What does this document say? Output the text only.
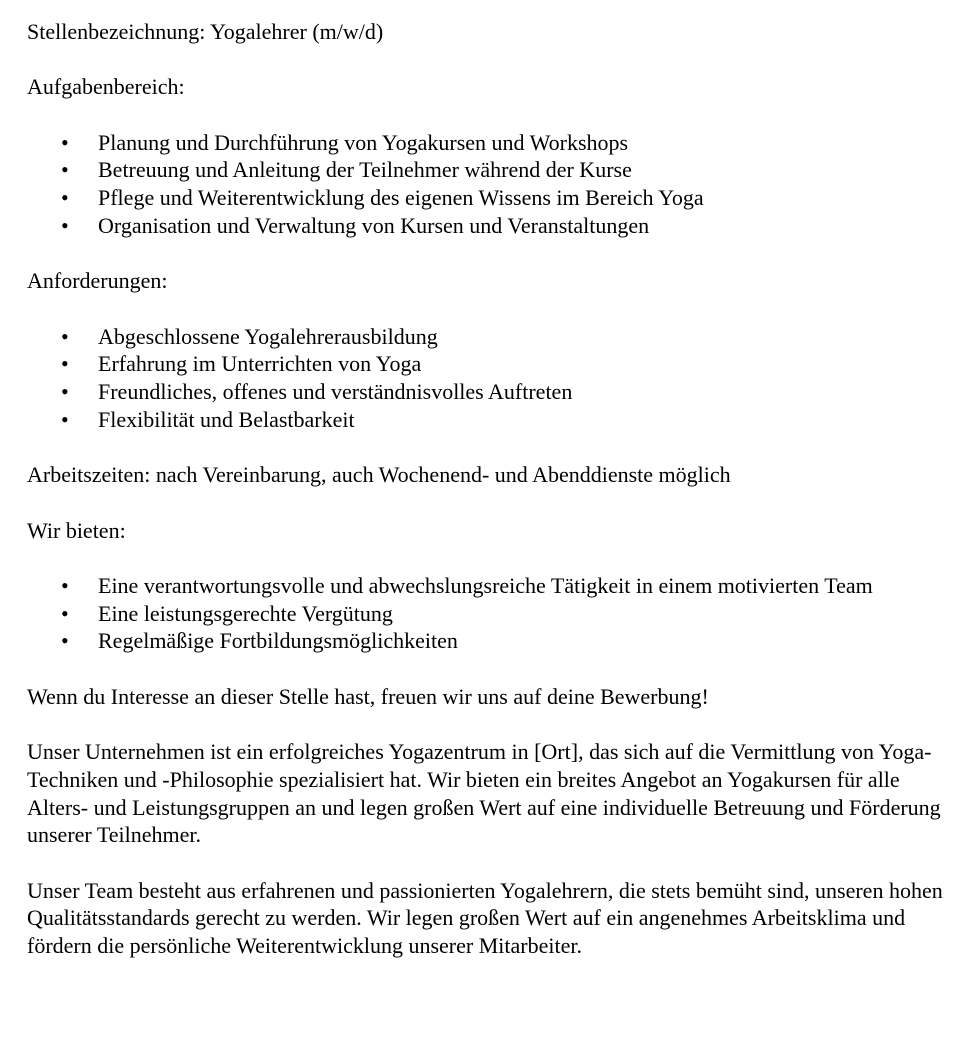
Stellenbezeichnung: Yogalehrer (m/w/d)

Aufgabenbereich:

• Planung und Durchführung von Yogakursen und Workshops
• Betreuung und Anleitung der Teilnehmer während der Kurse
• Pflege und Weiterentwicklung des eigenen Wissens im Bereich Yoga
• Organisation und Verwaltung von Kursen und Veranstaltungen

Anforderungen:

• Abgeschlossene Yogalehrerausbildung
• Erfahrung im Unterrichten von Yoga
• Freundliches, offenes und verständnisvolles Auftreten
• Flexibilität und Belastbarkeit

Arbeitszeiten: nach Vereinbarung, auch Wochenend- und Abenddienste möglich

Wir bieten:

• Eine verantwortungsvolle und abwechslungsreiche Tätigkeit in einem motivierten Team
• Eine leistungsgerechte Vergütung
• Regelmäßige Fortbildungsmöglichkeiten

Wenn du Interesse an dieser Stelle hast, freuen wir uns auf deine Bewerbung!

Unser Unternehmen ist ein erfolgreiches Yogazentrum in [Ort], das sich auf die Vermittlung von Yoga-Techniken und -Philosophie spezialisiert hat. Wir bieten ein breites Angebot an Yogakursen für alle Alters- und Leistungsgruppen an und legen großen Wert auf eine individuelle Betreuung und Förderung unserer Teilnehmer.

Unser Team besteht aus erfahrenen und passionierten Yogalehrern, die stets bemüht sind, unseren hohen Qualitätsstandards gerecht zu werden. Wir legen großen Wert auf ein angenehmes Arbeitsklima und fördern die persönliche Weiterentwicklung unserer Mitarbeiter.
